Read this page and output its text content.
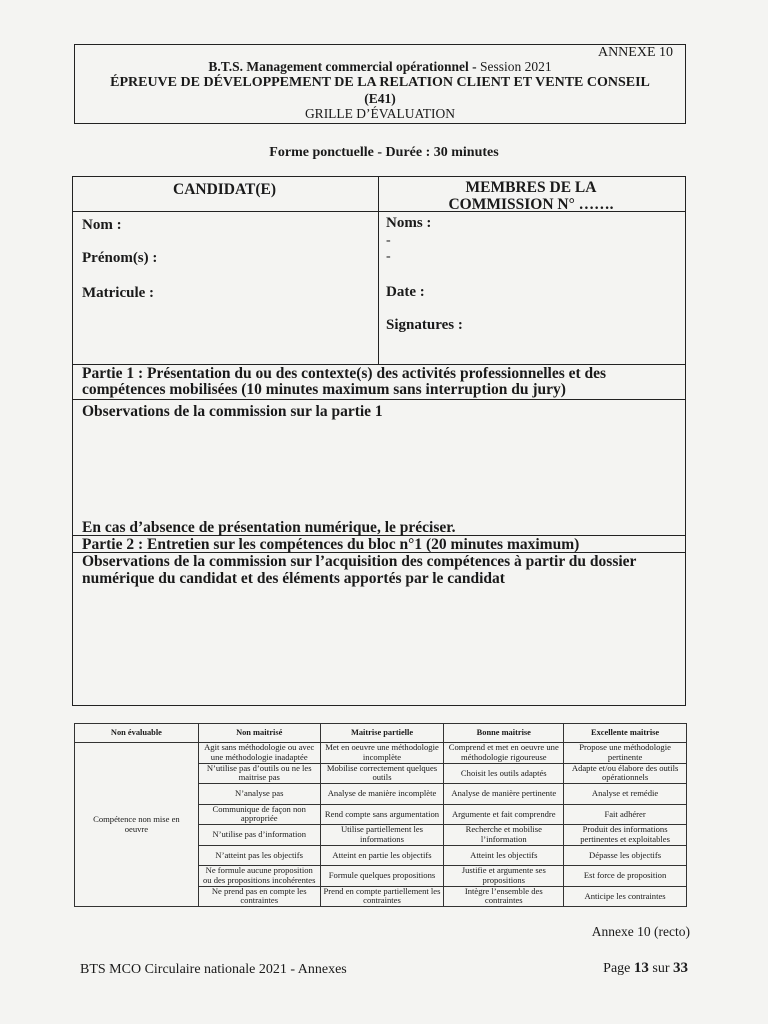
ANNEXE 10
B.T.S. Management commercial opérationnel - Session 2021
ÉPREUVE DE DÉVELOPPEMENT DE LA RELATION CLIENT ET VENTE CONSEIL
(E41)
GRILLE D’ÉVALUATION
Forme ponctuelle - Durée : 30 minutes
CANDIDAT(E)	MEMBRES DE LA
COMMISSION N° …….
Nom :
Prénom(s) :
Matricule :
Noms :
-
-
Date :
Signatures :
Partie 1 : Présentation du ou des contexte(s) des activités professionnelles et des
compétences mobilisées (10 minutes maximum sans interruption du jury)
Observations de la commission sur la partie 1
En cas d’absence de présentation numérique, le préciser.
Partie 2 : Entretien sur les compétences du bloc n°1 (20 minutes maximum)
Observations de la commission sur l’acquisition des compétences à partir du dossier
numérique du candidat et des éléments apportés par le candidat
Non évaluable	Non maitrisé	Maitrise partielle	Bonne maitrise	Excellente maitrise
Compétence non mise en oeuvre	Agit sans méthodologie ou avec une méthodologie inadaptée	Met en oeuvre une méthodologie incomplète	Comprend et met en oeuvre une méthodologie rigoureuse	Propose une méthodologie pertinente
	N’utilise pas d’outils ou ne les maitrise pas	Mobilise correctement quelques outils	Choisit les outils adaptés	Adapte et/ou élabore des outils opérationnels
	N’analyse pas	Analyse de manière incomplète	Analyse de manière pertinente	Analyse et remédie
	Communique de façon non appropriée	Rend compte sans argumentation	Argumente et fait comprendre	Fait adhérer
	N’utilise pas d’information	Utilise partiellement les informations	Recherche et mobilise l’information	Produit des informations pertinentes et exploitables
	N’atteint pas les objectifs	Atteint en partie les objectifs	Atteint les objectifs	Dépasse les objectifs
	Ne formule aucune proposition ou des propositions incohérentes	Formule quelques propositions	Justifie et argumente ses propositions	Est force de proposition
	Ne prend pas en compte les contraintes	Prend en compte partiellement les contraintes	Intègre l’ensemble des contraintes	Anticipe les contraintes
Annexe 10 (recto)
BTS MCO Circulaire nationale 2021 - Annexes	Page 13 sur 33
